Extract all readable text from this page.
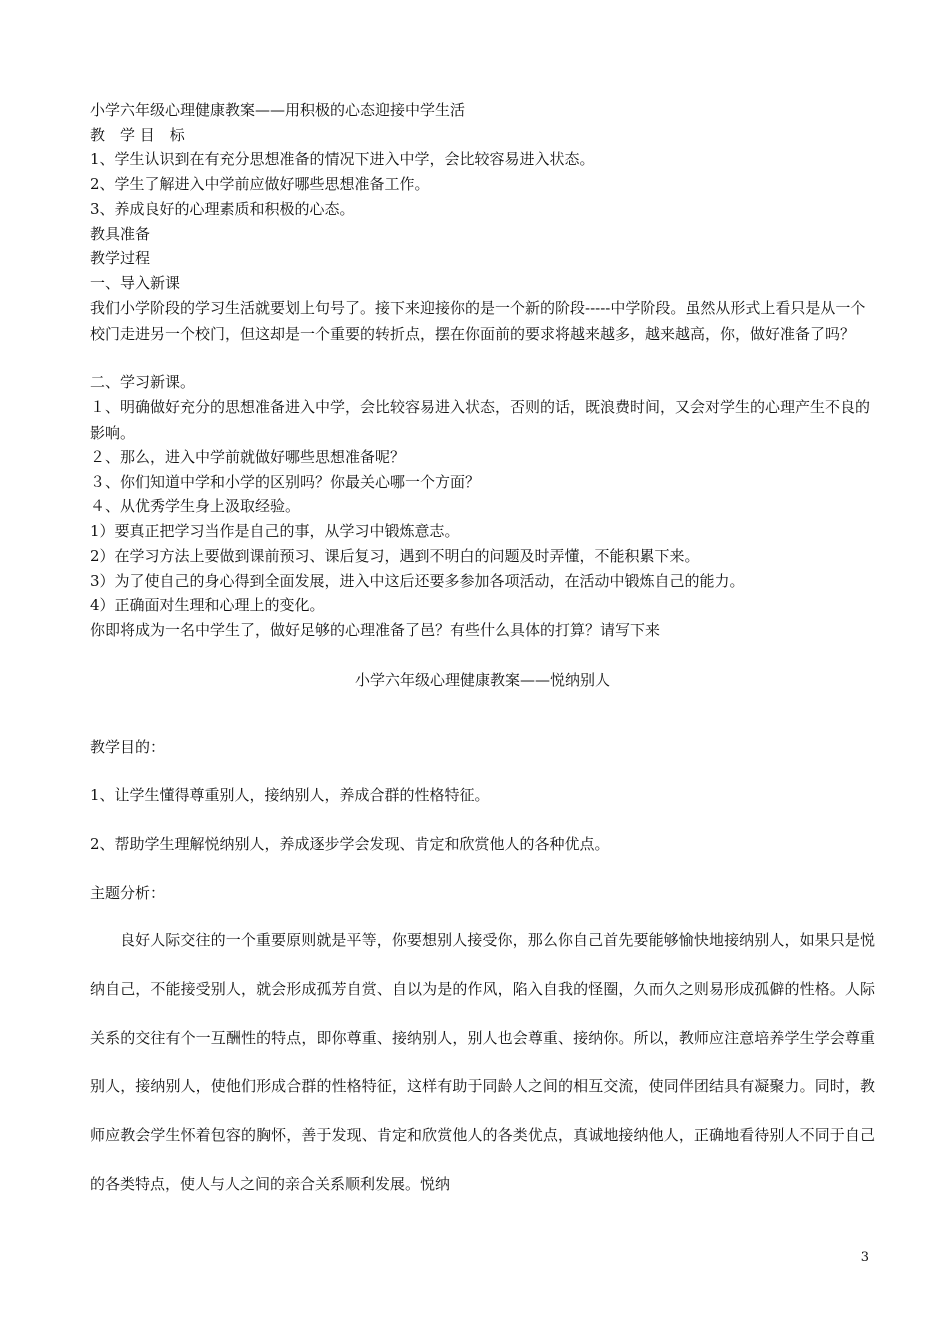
小学六年级心理健康教案——用积极的心态迎接中学生活
教　学 目　标
1、学生认识到在有充分思想准备的情况下进入中学，会比较容易进入状态。
2、学生了解进入中学前应做好哪些思想准备工作。
3、养成良好的心理素质和积极的心态。
教具准备
教学过程
一、导入新课
我们小学阶段的学习生活就要划上句号了。接下来迎接你的是一个新的阶段-----中学阶段。虽然从形式上看只是从一个校门走进另一个校门，但这却是一个重要的转折点，摆在你面前的要求将越来越多，越来越高，你，做好准备了吗？
二、学习新课。
１、明确做好充分的思想准备进入中学，会比较容易进入状态，否则的话，既浪费时间，又会对学生的心理产生不良的影响。
２、那么，进入中学前就做好哪些思想准备呢？
３、你们知道中学和小学的区别吗？你最关心哪一个方面？
４、从优秀学生身上汲取经验。
1）要真正把学习当作是自己的事，从学习中锻炼意志。
2）在学习方法上要做到课前预习、课后复习，遇到不明白的问题及时弄懂，不能积累下来。
3）为了使自己的身心得到全面发展，进入中这后还要多参加各项活动，在活动中锻炼自己的能力。
4）正确面对生理和心理上的变化。
你即将成为一名中学生了，做好足够的心理准备了邑？有些什么具体的打算？请写下来
小学六年级心理健康教案——悦纳别人
教学目的：
1、让学生懂得尊重别人，接纳别人，养成合群的性格特征。
2、帮助学生理解悦纳别人，养成逐步学会发现、肯定和欣赏他人的各种优点。
主题分析：
良好人际交往的一个重要原则就是平等，你要想别人接受你，那么你自己首先要能够愉快地接纳别人，如果只是悦纳自己，不能接受别人，就会形成孤芳自赏、自以为是的作风，陷入自我的怪圈，久而久之则易形成孤僻的性格。人际关系的交往有个一互酬性的特点，即你尊重、接纳别人，别人也会尊重、接纳你。所以，教师应注意培养学生学会尊重别人，接纳别人，使他们形成合群的性格特征，这样有助于同龄人之间的相互交流，使同伴团结具有凝聚力。同时，教师应教会学生怀着包容的胸怀，善于发现、肯定和欣赏他人的各类优点，真诚地接纳他人，正确地看待别人不同于自己的各类特点，使人与人之间的亲合关系顺利发展。悦纳
3
